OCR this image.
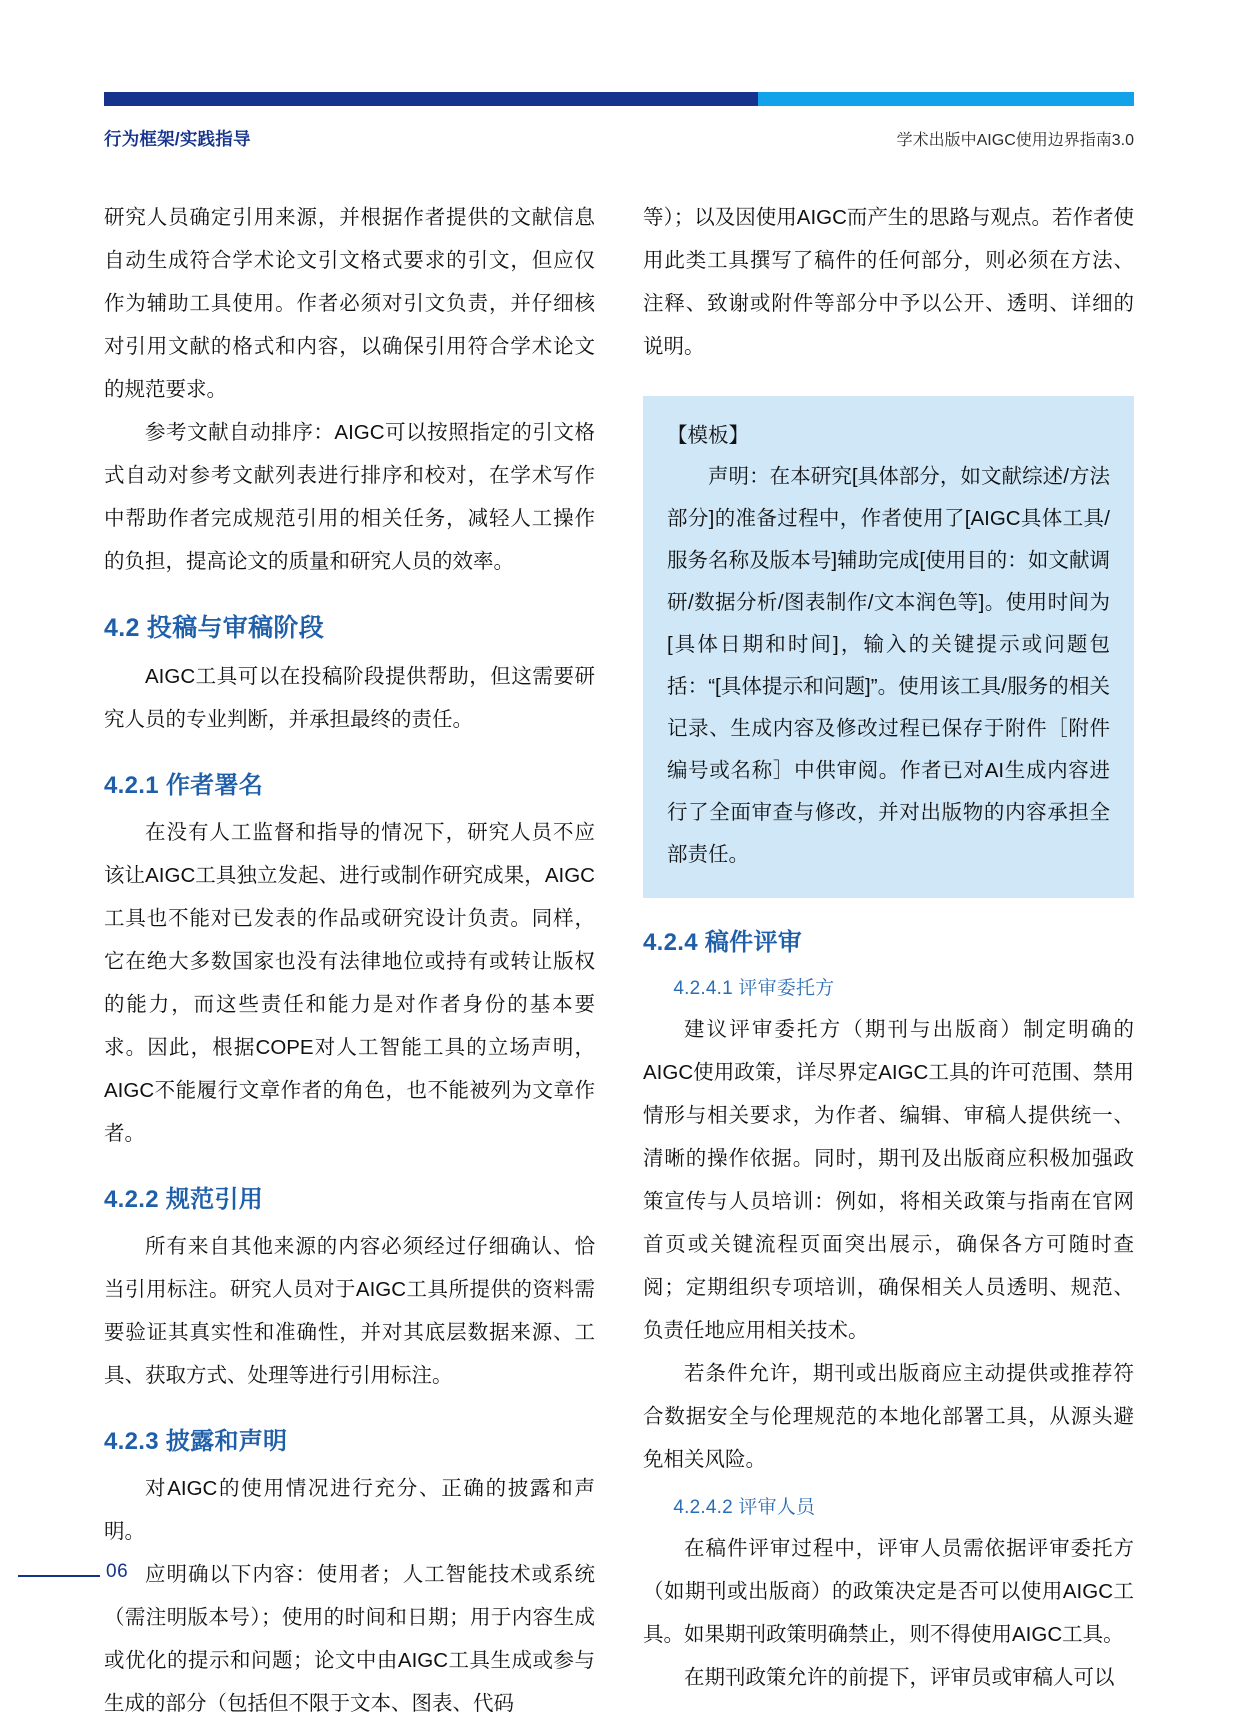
行为框架/实践指导	学术出版中AIGC使用边界指南3.0

研究人员确定引用来源，并根据作者提供的文献信息自动生成符合学术论文引文格式要求的引文，但应仅作为辅助工具使用。作者必须对引文负责，并仔细核对引用文献的格式和内容，以确保引用符合学术论文的规范要求。

参考文献自动排序：AIGC可以按照指定的引文格式自动对参考文献列表进行排序和校对，在学术写作中帮助作者完成规范引用的相关任务，减轻人工操作的负担，提高论文的质量和研究人员的效率。

4.2 投稿与审稿阶段

AIGC工具可以在投稿阶段提供帮助，但这需要研究人员的专业判断，并承担最终的责任。

4.2.1 作者署名

在没有人工监督和指导的情况下，研究人员不应该让AIGC工具独立发起、进行或制作研究成果，AIGC工具也不能对已发表的作品或研究设计负责。同样，它在绝大多数国家也没有法律地位或持有或转让版权的能力，而这些责任和能力是对作者身份的基本要求。因此，根据COPE对人工智能工具的立场声明，AIGC不能履行文章作者的角色，也不能被列为文章作者。

4.2.2 规范引用

所有来自其他来源的内容必须经过仔细确认、恰当引用标注。研究人员对于AIGC工具所提供的资料需要验证其真实性和准确性，并对其底层数据来源、工具、获取方式、处理等进行引用标注。

4.2.3 披露和声明

对AIGC的使用情况进行充分、正确的披露和声明。

应明确以下内容：使用者；人工智能技术或系统（需注明版本号）；使用的时间和日期；用于内容生成或优化的提示和问题；论文中由AIGC工具生成或参与生成的部分（包括但不限于文本、图表、代码

等）；以及因使用AIGC而产生的思路与观点。若作者使用此类工具撰写了稿件的任何部分，则必须在方法、注释、致谢或附件等部分中予以公开、透明、详细的说明。

【模板】

声明：在本研究[具体部分，如文献综述/方法部分]的准备过程中，作者使用了[AIGC具体工具/服务名称及版本号]辅助完成[使用目的：如文献调研/数据分析/图表制作/文本润色等]。使用时间为[具体日期和时间]，输入的关键提示或问题包括：“[具体提示和问题]”。使用该工具/服务的相关记录、生成内容及修改过程已保存于附件［附件编号或名称］中供审阅。作者已对AI生成内容进行了全面审查与修改，并对出版物的内容承担全部责任。

4.2.4 稿件评审
4.2.4.1 评审委托方

建议评审委托方（期刊与出版商）制定明确的AIGC使用政策，详尽界定AIGC工具的许可范围、禁用情形与相关要求，为作者、编辑、审稿人提供统一、清晰的操作依据。同时，期刊及出版商应积极加强政策宣传与人员培训：例如，将相关政策与指南在官网首页或关键流程页面突出展示，确保各方可随时查阅；定期组织专项培训，确保相关人员透明、规范、负责任地应用相关技术。

若条件允许，期刊或出版商应主动提供或推荐符合数据安全与伦理规范的本地化部署工具，从源头避免相关风险。

4.2.4.2 评审人员

在稿件评审过程中，评审人员需依据评审委托方（如期刊或出版商）的政策决定是否可以使用AIGC工具。如果期刊政策明确禁止，则不得使用AIGC工具。

在期刊政策允许的前提下，评审员或审稿人可以

06
